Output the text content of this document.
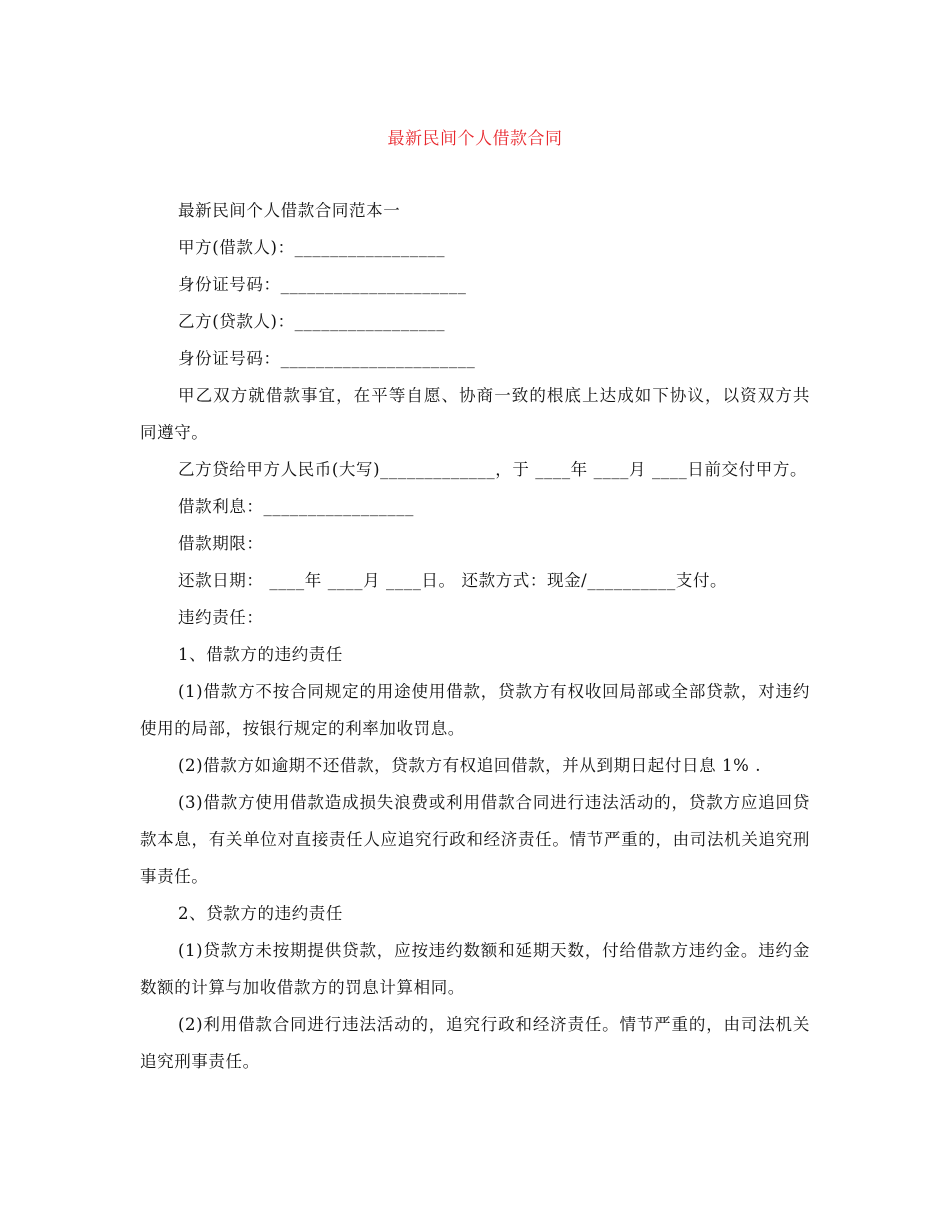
最新民间个人借款合同

最新民间个人借款合同范本一

甲方(借款人)：_________________

身份证号码：_____________________

乙方(贷款人)：_________________

身份证号码：______________________

甲乙双方就借款事宜，在平等自愿、协商一致的根底上达成如下协议，以资双方共同遵守。

乙方贷给甲方人民币(大写)_____________，于 ____年 ____月 ____日前交付甲方。

借款利息：_________________

借款期限：

还款日期： ____年 ____月 ____日。 还款方式：现金/__________支付。

违约责任：

1、借款方的违约责任

(1)借款方不按合同规定的用途使用借款，贷款方有权收回局部或全部贷款，对违约使用的局部，按银行规定的利率加收罚息。

(2)借款方如逾期不还借款，贷款方有权追回借款，并从到期日起付日息 1% .

(3)借款方使用借款造成损失浪费或利用借款合同进行违法活动的，贷款方应追回贷款本息，有关单位对直接责任人应追究行政和经济责任。情节严重的，由司法机关追究刑事责任。

2、贷款方的违约责任

(1)贷款方未按期提供贷款，应按违约数额和延期天数，付给借款方违约金。违约金数额的计算与加收借款方的罚息计算相同。

(2)利用借款合同进行违法活动的，追究行政和经济责任。情节严重的，由司法机关追究刑事责任。
